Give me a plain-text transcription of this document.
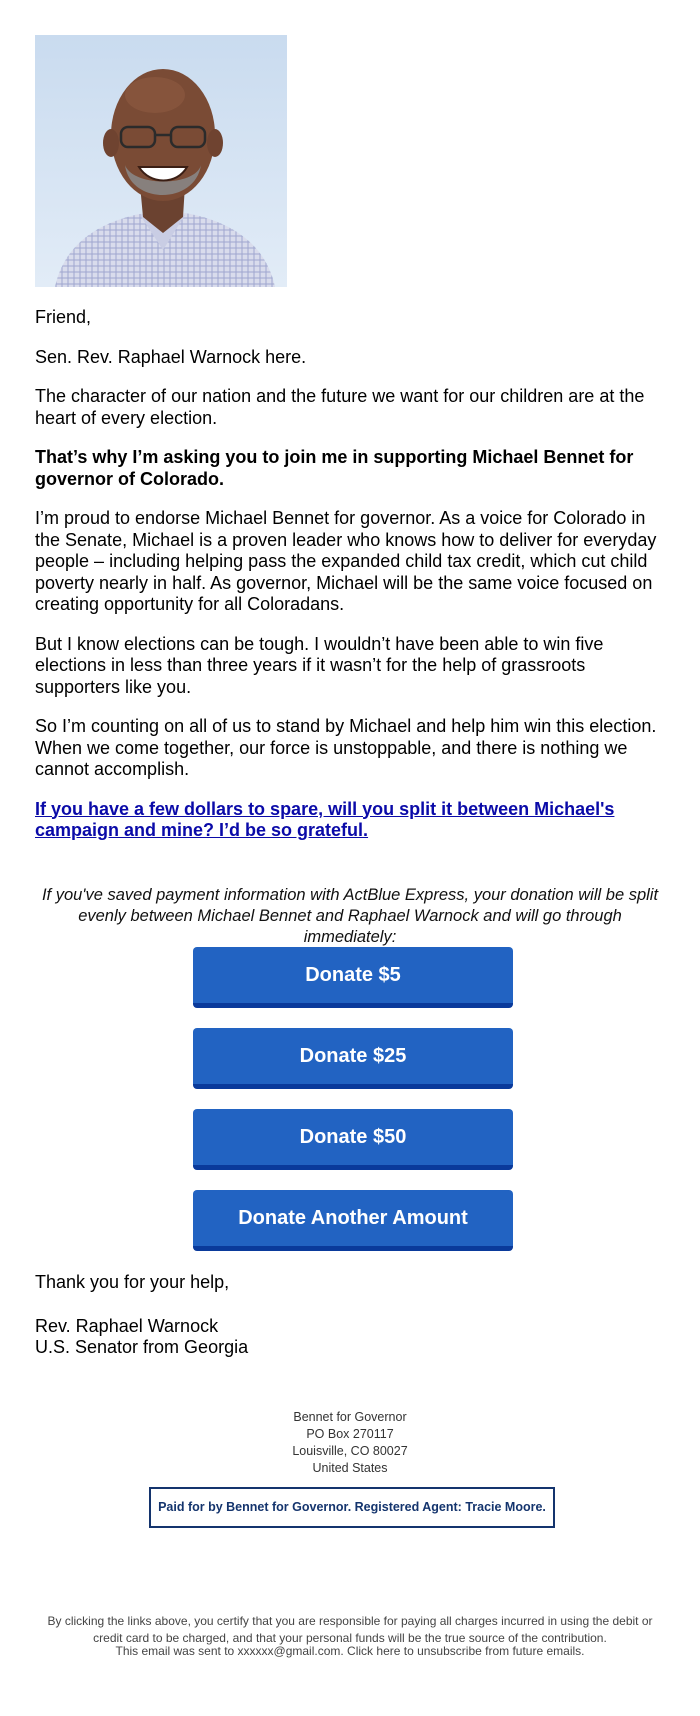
Friend,

Sen. Rev. Raphael Warnock here.

The character of our nation and the future we want for our children are at the heart of every election.

That’s why I’m asking you to join me in supporting Michael Bennet for governor of Colorado.

I’m proud to endorse Michael Bennet for governor. As a voice for Colorado in the Senate, Michael is a proven leader who knows how to deliver for everyday people – including helping pass the expanded child tax credit, which cut child poverty nearly in half. As governor, Michael will be the same voice focused on creating opportunity for all Coloradans.

But I know elections can be tough. I wouldn’t have been able to win five elections in less than three years if it wasn’t for the help of grassroots supporters like you.

So I’m counting on all of us to stand by Michael and help him win this election. When we come together, our force is unstoppable, and there is nothing we cannot accomplish.

If you have a few dollars to spare, will you split it between Michael's campaign and mine? I’d be so grateful.

If you've saved payment information with ActBlue Express, your donation will be split evenly between Michael Bennet and Raphael Warnock and will go through immediately:

Donate $5
Donate $25
Donate $50
Donate Another Amount

Thank you for your help,

Rev. Raphael Warnock

U.S. Senator from Georgia

Bennet for Governor
PO Box 270117
Louisville, CO 80027
United States
Paid for by Bennet for Governor. Registered Agent: Tracie Moore.
By clicking the links above, you certify that you are responsible for paying all charges incurred in using the debit or credit card to be charged, and that your personal funds will be the true source of the contribution.
This email was sent to xxxxxx@gmail.com. Click here to unsubscribe from future emails.
